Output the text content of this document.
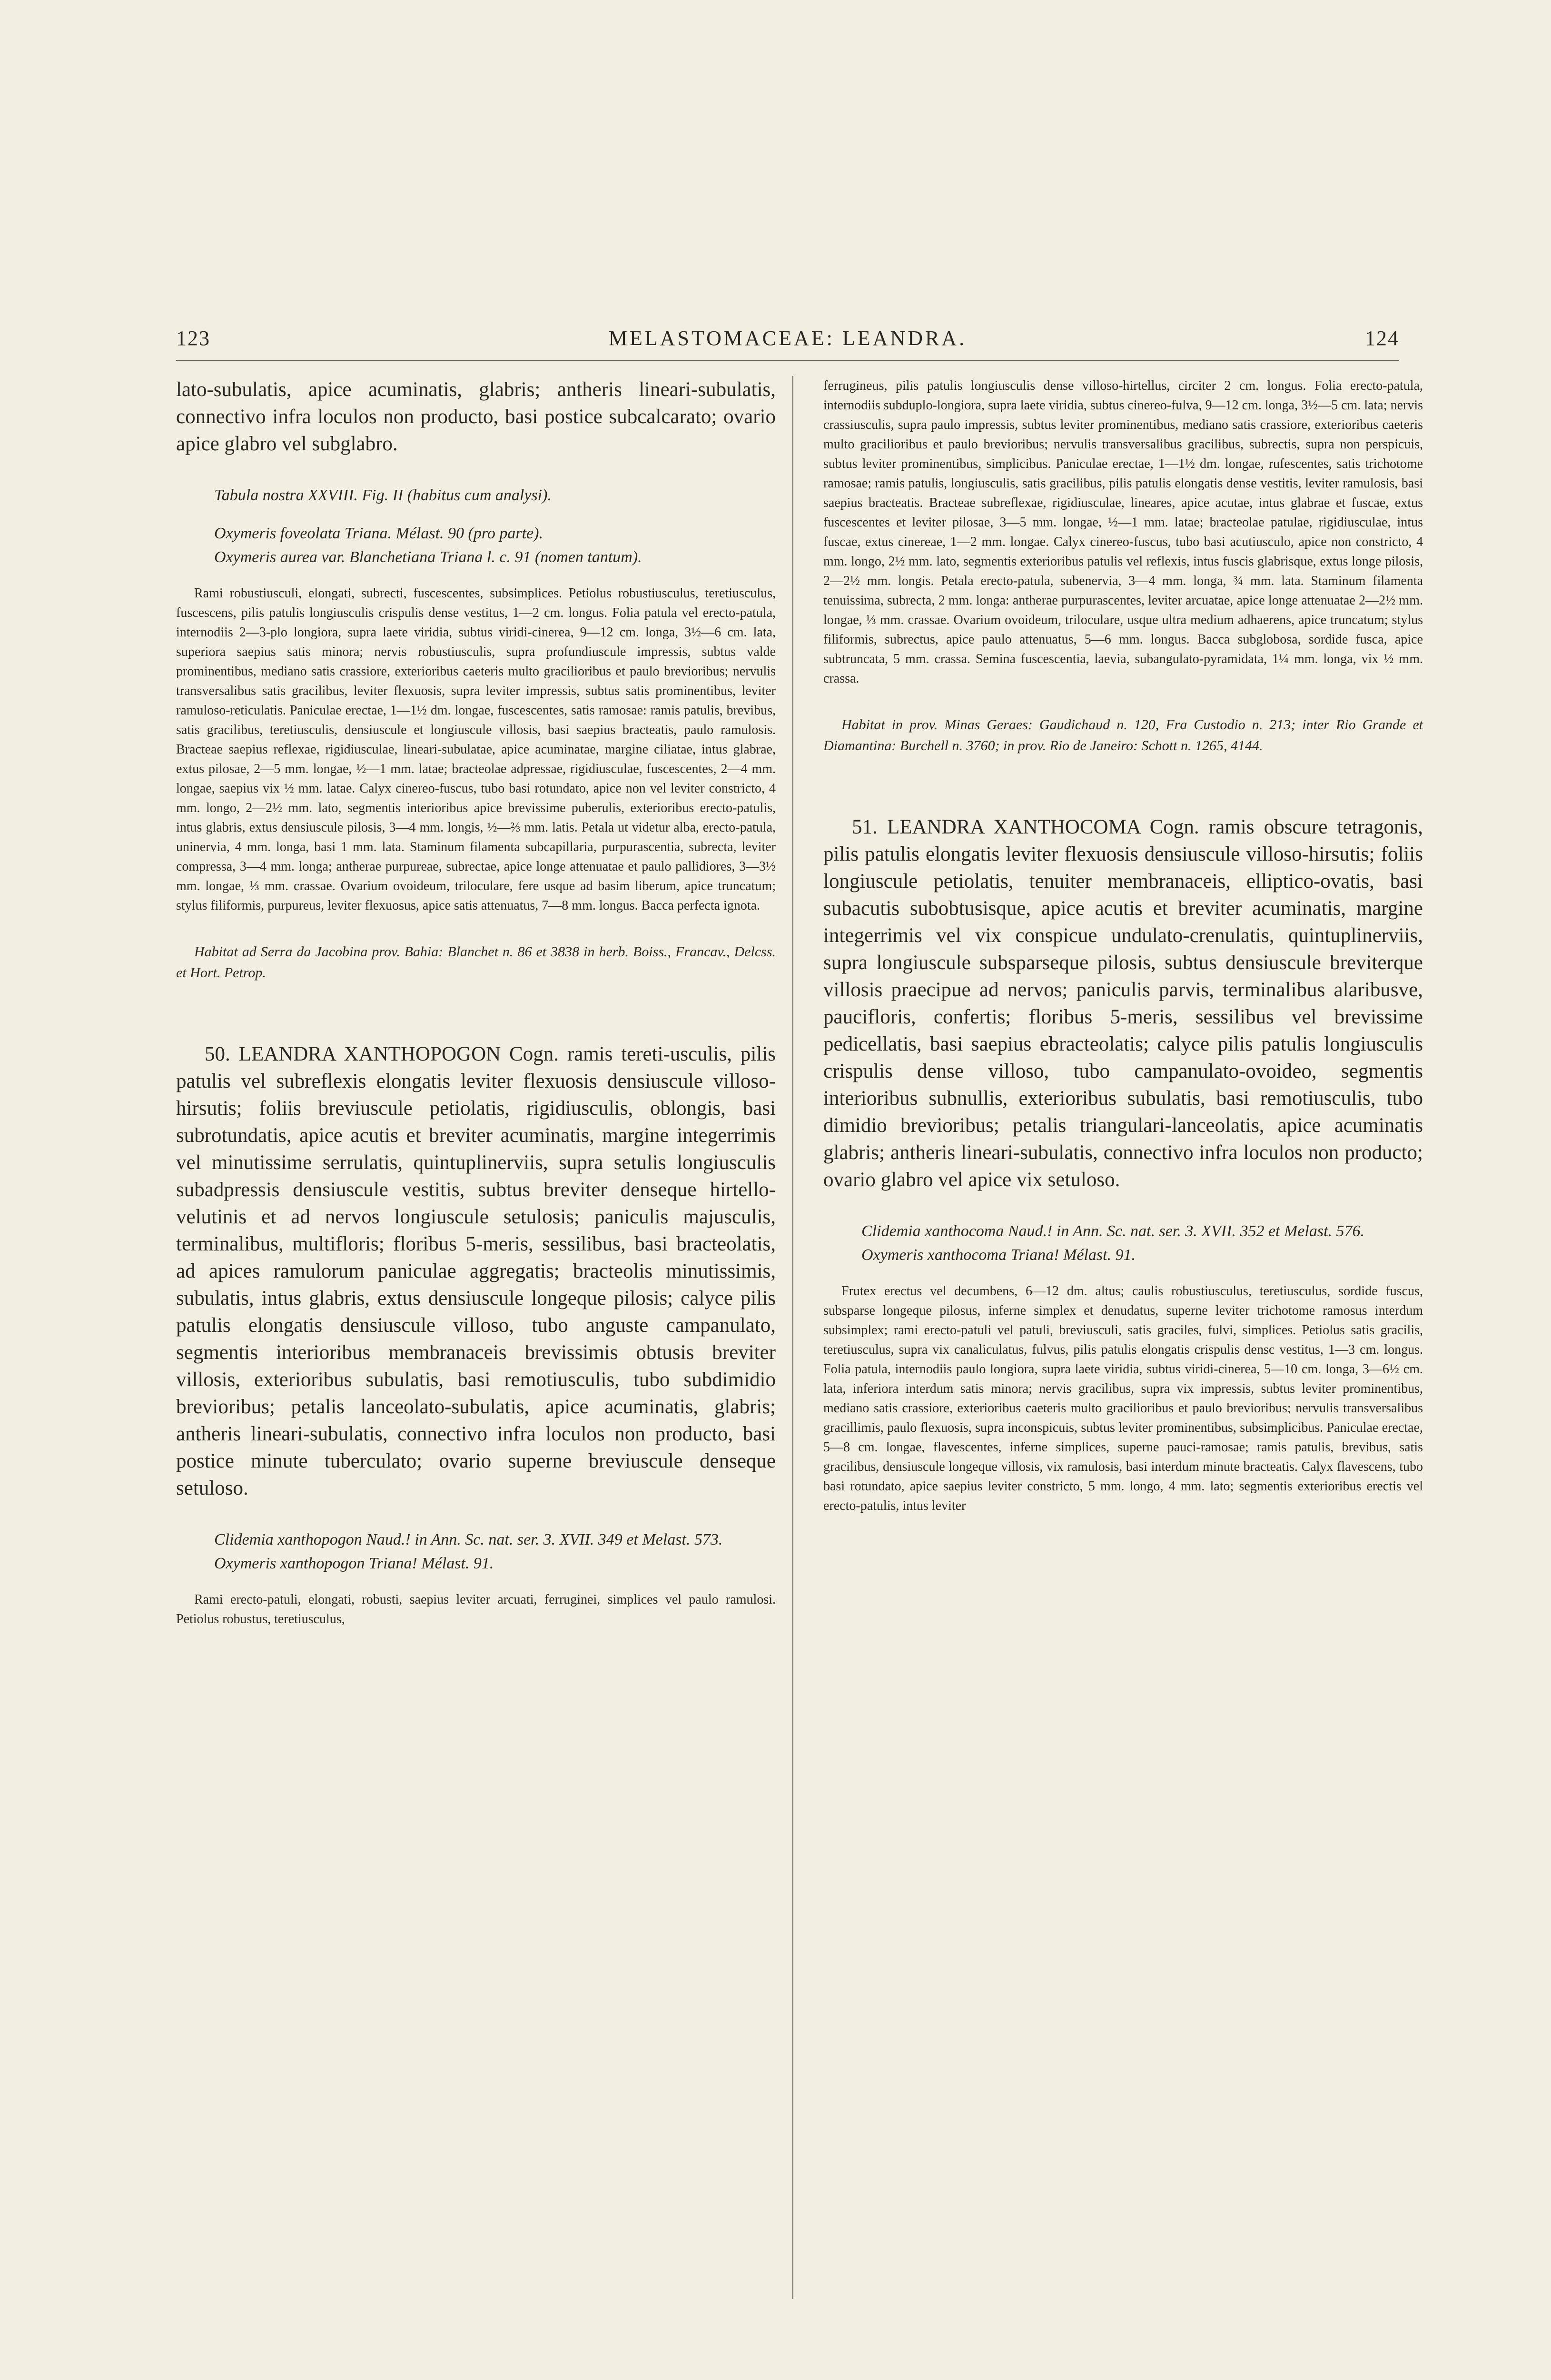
123	MELASTOMACEAE: LEANDRA.	124

lato-subulatis, apice acuminatis, glabris; antheris lineari-subulatis, connectivo infra loculos non producto, basi postice subcalcarato; ovario apice glabro vel subglabro.

Tabula nostra XXVIII. Fig. II (habitus cum analysi).

Oxymeris foveolata Triana. Mélast. 90 (pro parte).

Oxymeris aurea var. Blanchetiana Triana l. c. 91 (nomen tantum).

Rami robustiusculi, elongati, subrecti, fuscescentes, subsimplices. Petiolus robustiusculus, teretiusculus, fuscescens, pilis patulis longiusculis crispulis dense vestitus, 1—2 cm. longus. Folia patula vel erecto-patula, internodiis 2—3-plo longiora, supra laete viridia, subtus viridi-cinerea, 9—12 cm. longa, 3½—6 cm. lata, superiora saepius satis minora; nervis robustiusculis, supra profundiuscule impressis, subtus valde prominentibus, mediano satis crassiore, exterioribus caeteris multo gracilioribus et paulo brevioribus; nervulis transversalibus satis gracilibus, leviter flexuosis, supra leviter impressis, subtus satis prominentibus, leviter ramuloso-reticulatis. Paniculae erectae, 1—1½ dm. longae, fuscescentes, satis ramosae: ramis patulis, brevibus, satis gracilibus, teretiusculis, densiuscule et longiuscule villosis, basi saepius bracteatis, paulo ramulosis. Bracteae saepius reflexae, rigidiusculae, lineari-subulatae, apice acuminatae, margine ciliatae, intus glabrae, extus pilosae, 2—5 mm. longae, ½—1 mm. latae; bracteolae adpressae, rigidiusculae, fuscescentes, 2—4 mm. longae, saepius vix ½ mm. latae. Calyx cinereo-fuscus, tubo basi rotundato, apice non vel leviter constricto, 4 mm. longo, 2—2½ mm. lato, segmentis interioribus apice brevissime puberulis, exterioribus erecto-patulis, intus glabris, extus densiuscule pilosis, 3—4 mm. longis, ½—⅔ mm. latis. Petala ut videtur alba, erecto-patula, uninervia, 4 mm. longa, basi 1 mm. lata. Staminum filamenta subcapillaria, purpurascentia, subrecta, leviter compressa, 3—4 mm. longa; antherae purpureae, subrectae, apice longe attenuatae et paulo pallidiores, 3—3½ mm. longae, ⅓ mm. crassae. Ovarium ovoideum, triloculare, fere usque ad basim liberum, apice truncatum; stylus filiformis, purpureus, leviter flexuosus, apice satis attenuatus, 7—8 mm. longus. Bacca perfecta ignota.

Habitat ad Serra da Jacobina prov. Bahia: Blanchet n. 86 et 3838 in herb. Boiss., Francav., Delcss. et Hort. Petrop.

50. LEANDRA XANTHOPOGON Cogn. ramis tereti-usculis, pilis patulis vel subreflexis elongatis leviter flexuosis densiuscule villoso-hirsutis; foliis breviuscule petiolatis, rigidiusculis, oblongis, basi subrotundatis, apice acutis et breviter acuminatis, margine integerrimis vel minutissime serrulatis, quintuplinerviis, supra setulis longiusculis subadpressis densiuscule vestitis, subtus breviter denseque hirtello-velutinis et ad nervos longiuscule setulosis; paniculis majusculis, terminalibus, multifloris; floribus 5-meris, sessilibus, basi bracteolatis, ad apices ramulorum paniculae aggregatis; bracteolis minutissimis, subulatis, intus glabris, extus densiuscule longeque pilosis; calyce pilis patulis elongatis densiuscule villoso, tubo anguste campanulato, segmentis interioribus membranaceis brevissimis obtusis breviter villosis, exterioribus subulatis, basi remotiusculis, tubo subdimidio brevioribus; petalis lanceolato-subulatis, apice acuminatis, glabris; antheris lineari-subulatis, connectivo infra loculos non producto, basi postice minute tuberculato; ovario superne breviuscule denseque setuloso.

Clidemia xanthopogon Naud.! in Ann. Sc. nat. ser. 3. XVII. 349 et Melast. 573.

Oxymeris xanthopogon Triana! Mélast. 91.

Rami erecto-patuli, elongati, robusti, saepius leviter arcuati, ferruginei, simplices vel paulo ramulosi. Petiolus robustus, teretiusculus,

ferrugineus, pilis patulis longiusculis dense villoso-hirtellus, circiter 2 cm. longus. Folia erecto-patula, internodiis subduplo-longiora, supra laete viridia, subtus cinereo-fulva, 9—12 cm. longa, 3½—5 cm. lata; nervis crassiusculis, supra paulo impressis, subtus leviter prominentibus, mediano satis crassiore, exterioribus caeteris multo gracilioribus et paulo brevioribus; nervulis transversalibus gracilibus, subrectis, supra non perspicuis, subtus leviter prominentibus, simplicibus. Paniculae erectae, 1—1½ dm. longae, rufescentes, satis trichotome ramosae; ramis patulis, longiusculis, satis gracilibus, pilis patulis elongatis dense vestitis, leviter ramulosis, basi saepius bracteatis. Bracteae subreflexae, rigidiusculae, lineares, apice acutae, intus glabrae et fuscae, extus fuscescentes et leviter pilosae, 3—5 mm. longae, ½—1 mm. latae; bracteolae patulae, rigidiusculae, intus fuscae, extus cinereae, 1—2 mm. longae. Calyx cinereo-fuscus, tubo basi acutiusculo, apice non constricto, 4 mm. longo, 2½ mm. lato, segmentis exterioribus patulis vel reflexis, intus fuscis glabrisque, extus longe pilosis, 2—2½ mm. longis. Petala erecto-patula, subenervia, 3—4 mm. longa, ¾ mm. lata. Staminum filamenta tenuissima, subrecta, 2 mm. longa: antherae purpurascentes, leviter arcuatae, apice longe attenuatae 2—2½ mm. longae, ⅓ mm. crassae. Ovarium ovoideum, triloculare, usque ultra medium adhaerens, apice truncatum; stylus filiformis, subrectus, apice paulo attenuatus, 5—6 mm. longus. Bacca subglobosa, sordide fusca, apice subtruncata, 5 mm. crassa. Semina fuscescentia, laevia, subangulato-pyramidata, 1¼ mm. longa, vix ½ mm. crassa.

Habitat in prov. Minas Geraes: Gaudichaud n. 120, Fra Custodio n. 213; inter Rio Grande et Diamantina: Burchell n. 3760; in prov. Rio de Janeiro: Schott n. 1265, 4144.

51. LEANDRA XANTHOCOMA Cogn. ramis obscure tetragonis, pilis patulis elongatis leviter flexuosis densiuscule villoso-hirsutis; foliis longiuscule petiolatis, tenuiter membranaceis, elliptico-ovatis, basi subacutis subobtusisque, apice acutis et breviter acuminatis, margine integerrimis vel vix conspicue undulato-crenulatis, quintuplinerviis, supra longiuscule subsparseque pilosis, subtus densiuscule breviterque villosis praecipue ad nervos; paniculis parvis, terminalibus alaribusve, paucifloris, confertis; floribus 5-meris, sessilibus vel brevissime pedicellatis, basi saepius ebracteolatis; calyce pilis patulis longiusculis crispulis dense villoso, tubo campanulato-ovoideo, segmentis interioribus subnullis, exterioribus subulatis, basi remotiusculis, tubo dimidio brevioribus; petalis triangulari-lanceolatis, apice acuminatis glabris; antheris lineari-subulatis, connectivo infra loculos non producto; ovario glabro vel apice vix setuloso.

Clidemia xanthocoma Naud.! in Ann. Sc. nat. ser. 3. XVII. 352 et Melast. 576.

Oxymeris xanthocoma Triana! Mélast. 91.

Frutex erectus vel decumbens, 6—12 dm. altus; caulis robustiusculus, teretiusculus, sordide fuscus, subsparse longeque pilosus, inferne simplex et denudatus, superne leviter trichotome ramosus interdum subsimplex; rami erecto-patuli vel patuli, breviusculi, satis graciles, fulvi, simplices. Petiolus satis gracilis, teretiusculus, supra vix canaliculatus, fulvus, pilis patulis elongatis crispulis densc vestitus, 1—3 cm. longus. Folia patula, internodiis paulo longiora, supra laete viridia, subtus viridi-cinerea, 5—10 cm. longa, 3—6½ cm. lata, inferiora interdum satis minora; nervis gracilibus, supra vix impressis, subtus leviter prominentibus, mediano satis crassiore, exterioribus caeteris multo gracilioribus et paulo brevioribus; nervulis transversalibus gracillimis, paulo flexuosis, supra inconspicuis, subtus leviter prominentibus, subsimplicibus. Paniculae erectae, 5—8 cm. longae, flavescentes, inferne simplices, superne pauci-ramosae; ramis patulis, brevibus, satis gracilibus, densiuscule longeque villosis, vix ramulosis, basi interdum minute bracteatis. Calyx flavescens, tubo basi rotundato, apice saepius leviter constricto, 5 mm. longo, 4 mm. lato; segmentis exterioribus erectis vel erecto-patulis, intus leviter
